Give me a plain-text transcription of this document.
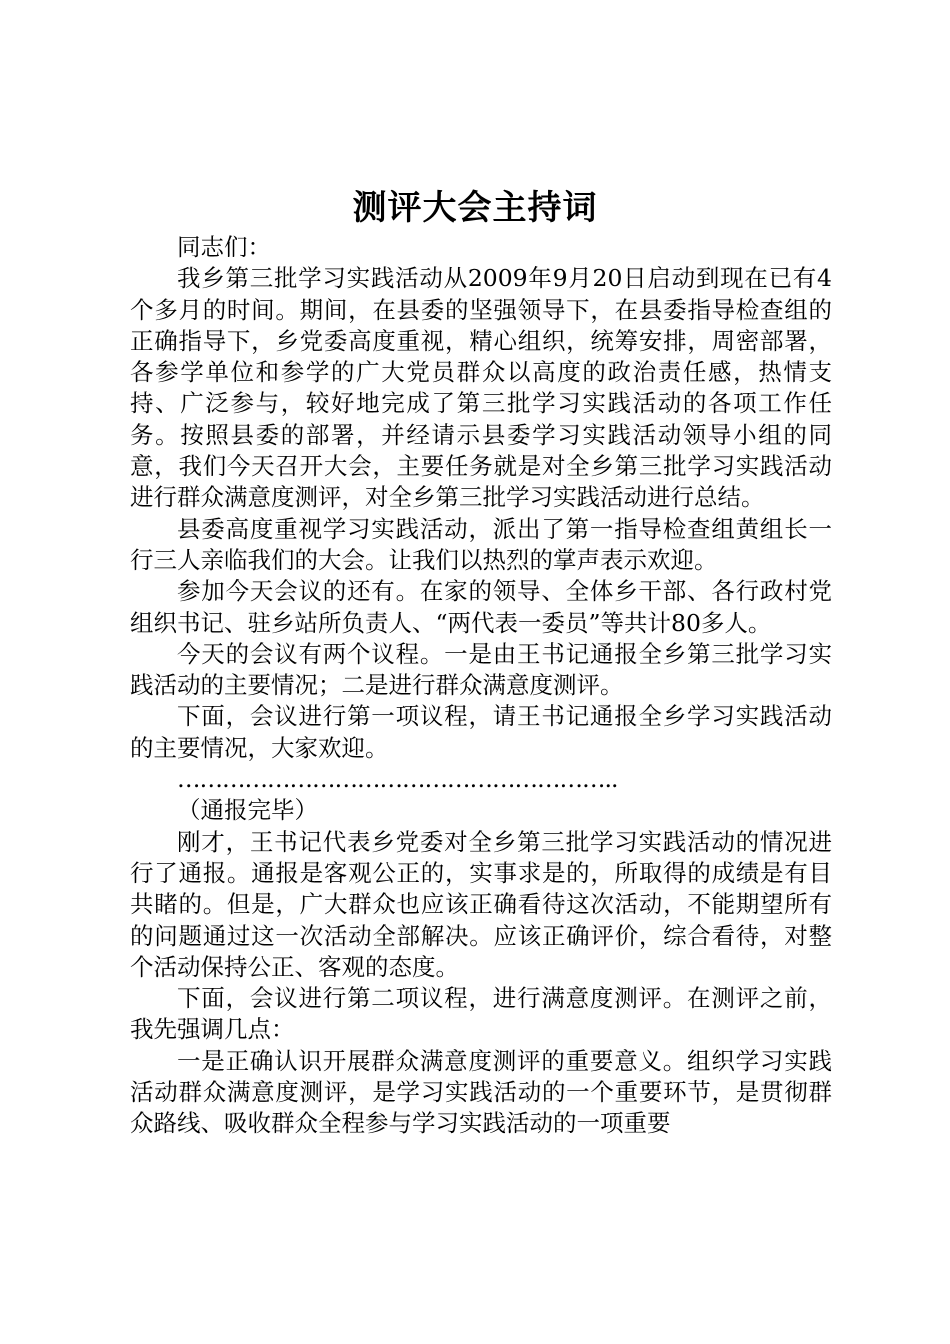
测评大会主持词

同志们：

我乡第三批学习实践活动从2009年9月20日启动到现在已有4个多月的时间。期间，在县委的坚强领导下，在县委指导检查组的正确指导下，乡党委高度重视，精心组织，统筹安排，周密部署，各参学单位和参学的广大党员群众以高度的政治责任感，热情支持、广泛参与，较好地完成了第三批学习实践活动的各项工作任务。按照县委的部署，并经请示县委学习实践活动领导小组的同意，我们今天召开大会，主要任务就是对全乡第三批学习实践活动进行群众满意度测评，对全乡第三批学习实践活动进行总结。

县委高度重视学习实践活动，派出了第一指导检查组黄组长一行三人亲临我们的大会。让我们以热烈的掌声表示欢迎。

参加今天会议的还有。在家的领导、全体乡干部、各行政村党组织书记、驻乡站所负责人、“两代表一委员”等共计80多人。

今天的会议有两个议程。一是由王书记通报全乡第三批学习实践活动的主要情况；二是进行群众满意度测评。

下面，会议进行第一项议程，请王书记通报全乡学习实践活动的主要情况，大家欢迎。

…………………………………………………..

（通报完毕）

刚才，王书记代表乡党委对全乡第三批学习实践活动的情况进行了通报。通报是客观公正的，实事求是的，所取得的成绩是有目共睹的。但是，广大群众也应该正确看待这次活动，不能期望所有的问题通过这一次活动全部解决。应该正确评价，综合看待，对整个活动保持公正、客观的态度。

下面，会议进行第二项议程，进行满意度测评。在测评之前，我先强调几点：

一是正确认识开展群众满意度测评的重要意义。组织学习实践活动群众满意度测评，是学习实践活动的一个重要环节，是贯彻群众路线、吸收群众全程参与学习实践活动的一项重要
